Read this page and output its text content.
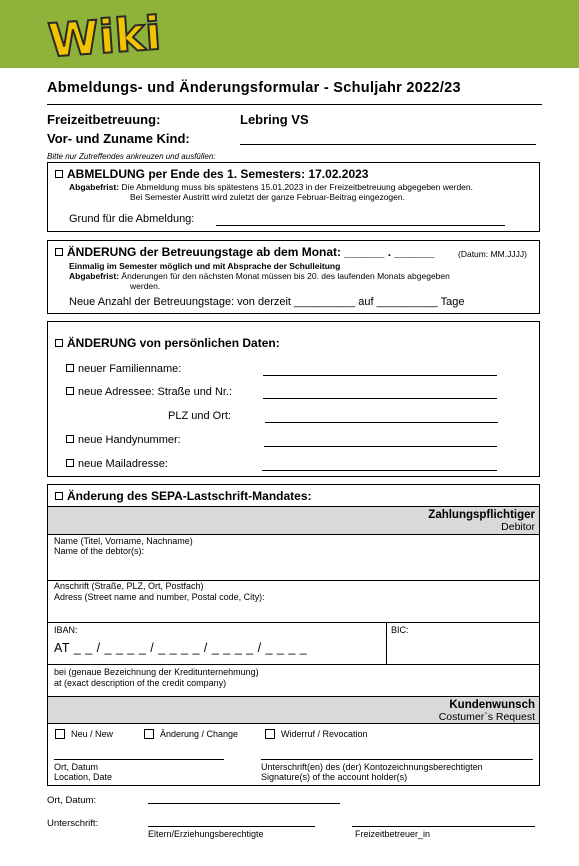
Wiki
Abmeldungs- und Änderungsformular - Schuljahr 2022/23
Freizeitbetreuung:	Lebring VS
Vor- und Zuname Kind:
Bitte nur Zutreffendes ankreuzen und ausfüllen:
ABMELDUNG per Ende des 1. Semesters: 17.02.2023
Abgabefrist: Die Abmeldung muss bis spätestens 15.01.2023 in der Freizeitbetreuung abgegeben werden.
Bei Semester Austritt wird zuletzt der ganze Februar-Beitrag eingezogen.
Grund für die Abmeldung:
ÄNDERUNG der Betreuungstage ab dem Monat: ______ . ______	(Datum: MM.JJJJ)
Einmalig im Semester möglich und mit Absprache der Schulleitung
Abgabefrist: Änderungen für den nächsten Monat müssen bis 20. des laufenden Monats abgegeben
werden.
Neue Anzahl der Betreuungstage: von derzeit __________ auf __________ Tage
ÄNDERUNG von persönlichen Daten:
neuer Familienname:
neue Adressee: Straße und Nr.:
PLZ und Ort:
neue Handynummer:
neue Mailadresse:
Änderung des SEPA-Lastschrift-Mandates:
Zahlungspflichtiger
Debitor
Name (Titel, Vorname, Nachname)
Name of the debtor(s):
Anschrift (Straße, PLZ, Ort, Postfach)
Adress (Street name and number, Postal code, City):
IBAN:
AT _ _ / _ _ _ _ / _ _ _ _ / _ _ _ _ / _ _ _ _
BIC:
bei (genaue Bezeichnung der Kreditunternehmung)
at (exact description of the credit company)
Kundenwunsch
Costumer`s Request
Neu / New	Änderung / Change	Widerruf / Revocation
Ort, Datum
Location, Date
Unterschrift(en) des (der) Kontozeichnungsberechtigten
Signature(s) of the account holder(s)
Ort, Datum:
Unterschrift:
Eltern/Erziehungsberechtigte	Freizeitbetreuer_in
